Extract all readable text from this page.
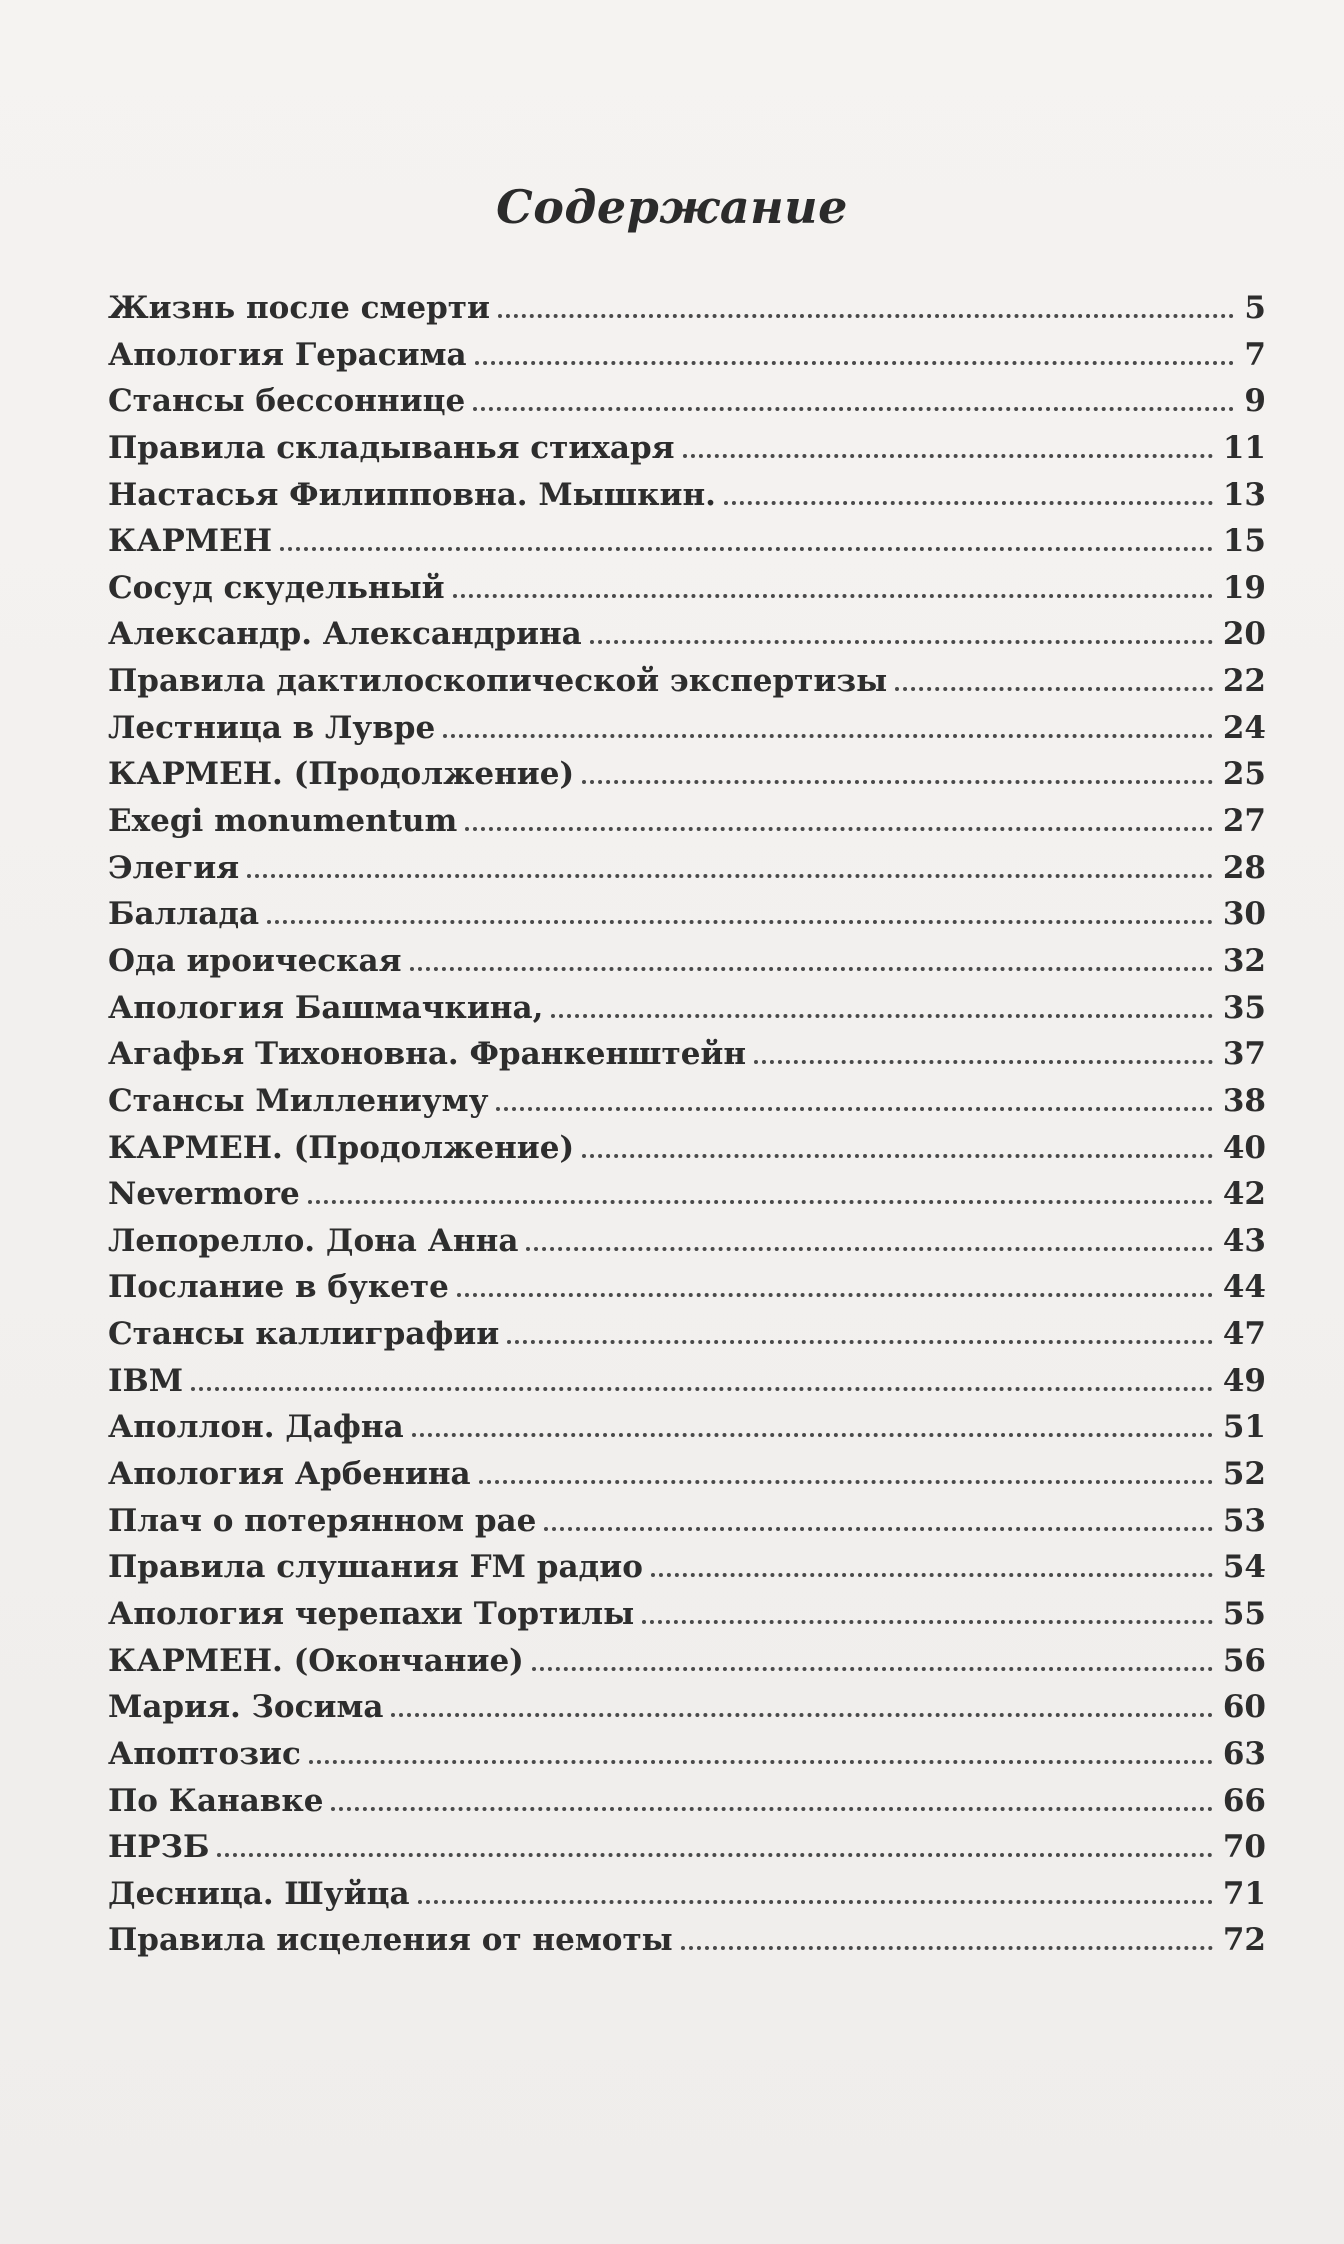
Содержание
Жизнь после смерти	5
Апология Герасима	7
Стансы бессоннице	9
Правила складыванья стихаря	11
Настасья Филипповна. Мышкин.	13
КАРМЕН	15
Сосуд скудельный	19
Александр. Александрина	20
Правила дактилоскопической экспертизы	22
Лестница в Лувре	24
КАРМЕН. (Продолжение)	25
Exegi monumentum	27
Элегия	28
Баллада	30
Ода ироическая	32
Апология Башмачкина,	35
Агафья Тихоновна. Франкенштейн	37
Стансы Миллениуму	38
КАРМЕН. (Продолжение)	40
Nevermore	42
Лепорелло. Дона Анна	43
Послание в букете	44
Стансы каллиграфии	47
IBM	49
Аполлон. Дафна	51
Апология Арбенина	52
Плач о потерянном рае	53
Правила слушания FM радио	54
Апология черепахи Тортилы	55
КАРМЕН. (Окончание)	56
Мария. Зосима	60
Апоптозис	63
По Канавке	66
НРЗБ	70
Десница. Шуйца	71
Правила исцеления от немоты	72
